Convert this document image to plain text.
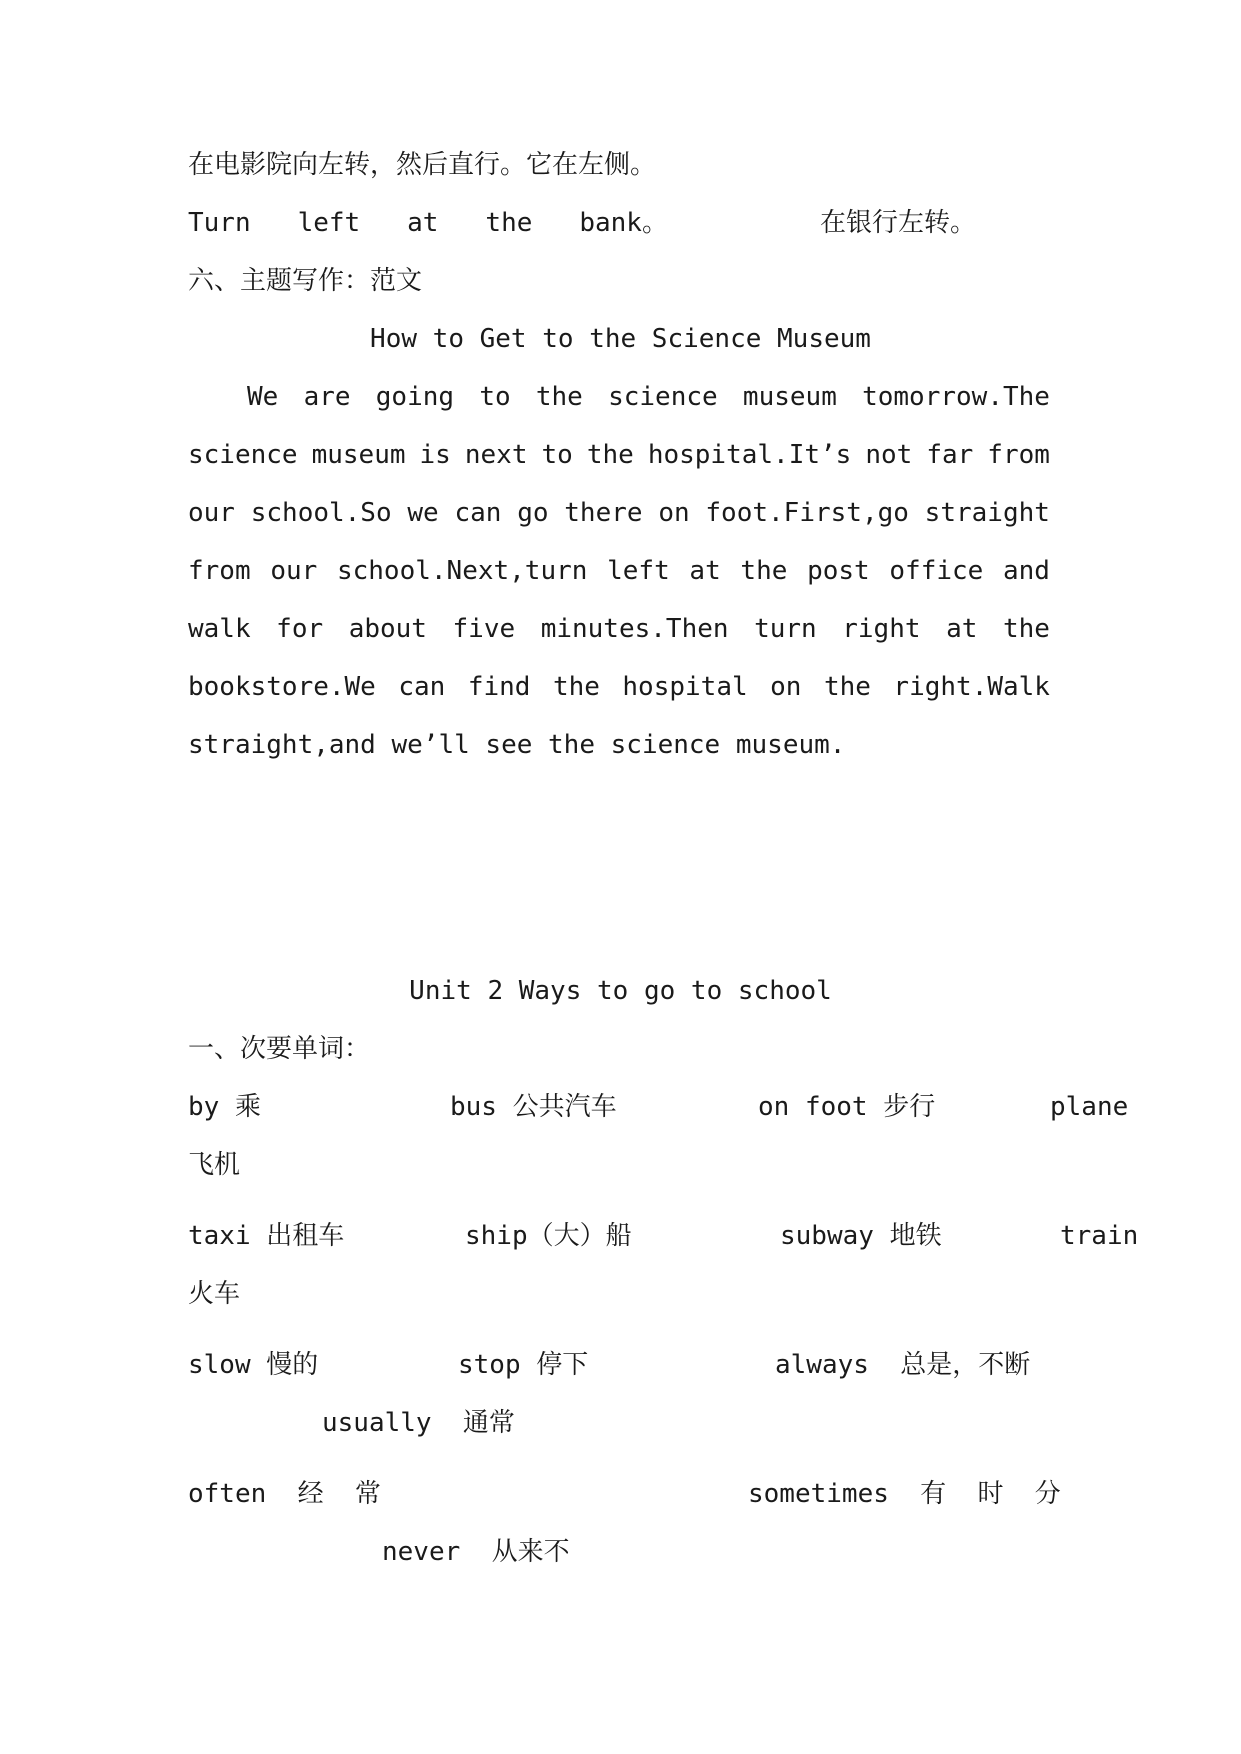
在电影院向左转，然后直行。它在左侧。
Turn   left   at   the   bank。	在银行左转。
六、主题写作：范文
How to Get to the Science Museum
We are going to the science museum tomorrow.The
science museum is next to the hospital.It’s not far from
our school.So we can go there on foot.First,go straight
from our school.Next,turn left at the post office and
walk for about five minutes.Then turn right at the
bookstore.We can find the hospital on the right.Walk
straight,and we’ll see the science museum.
Unit 2 Ways to go to school
一、次要单词：
by 乘	bus 公共汽车	on foot 步行	plane
飞机
taxi 出租车	ship（大）船	subway 地铁	train
火车
slow 慢的	stop 停下	always  总是，不断
usually  通常
often  经  常	sometimes  有  时  分
never  从来不
